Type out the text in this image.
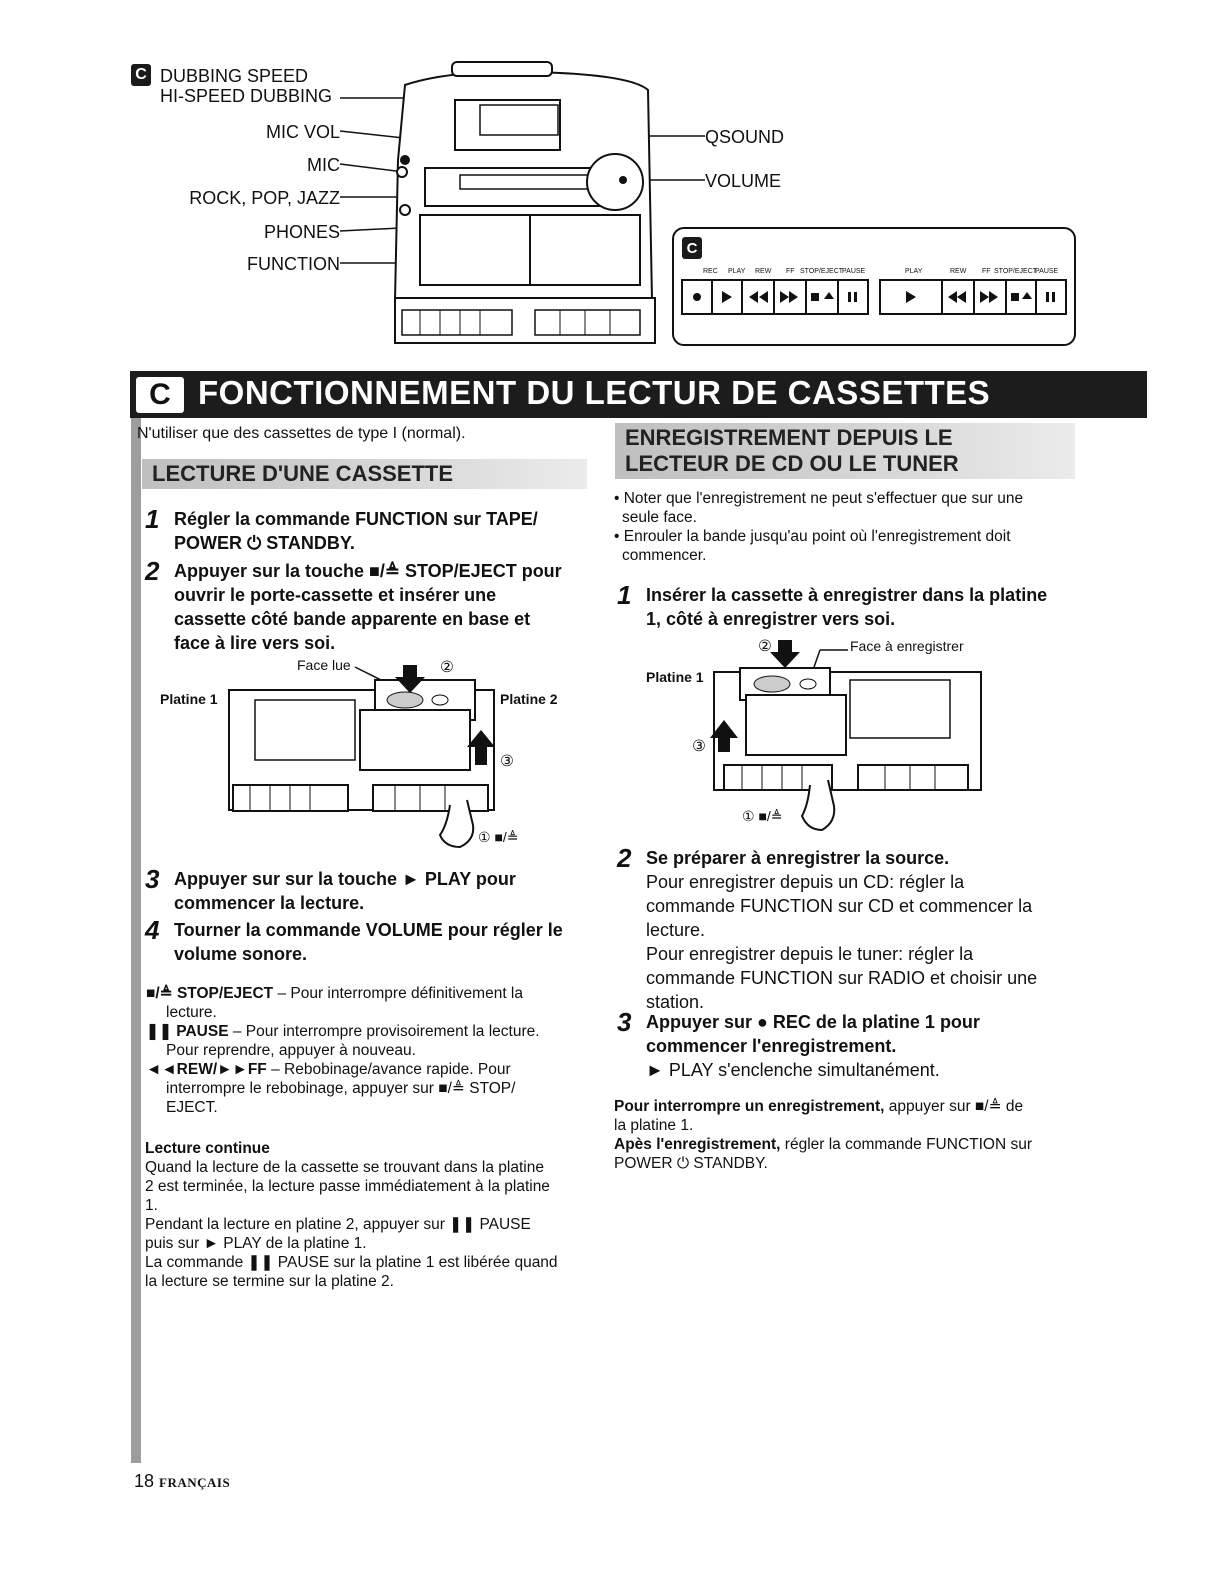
C DUBBING SPEED
HI-SPEED DUBBING
MIC VOL
MIC
ROCK, POP, JAZZ
PHONES
FUNCTION
QSOUND
VOLUME
C
REC PLAY REW FF STOP/EJECT
PAUSE	PLAY	REW FF STOP/EJECT
PAUSE
C FONCTIONNEMENT DU LECTUR DE CASSETTES
N'utiliser que des cassettes de type I (normal).
LECTURE D'UNE CASSETTE
1 Régler la commande FUNCTION sur TAPE/
POWER ⏻ STANDBY.
2 Appuyer sur la touche ■/≜ STOP/EJECT pour
ouvrir le porte-cassette et insérer une
cassette côté bande apparente en base et
face à lire vers soi.
Face lue
Platine 1	Platine 2
②
③
① ■/≜
3 Appuyer sur sur la touche ► PLAY pour
commencer la lecture.
4 Tourner la commande VOLUME pour régler le
volume sonore.
■/≜ STOP/EJECT – Pour interrompre définitivement la
lecture.
❚❚ PAUSE – Pour interrompre provisoirement la lecture.
Pour reprendre, appuyer à nouveau.
◄◄REW/►►FF – Rebobinage/avance rapide. Pour
interrompre le rebobinage, appuyer sur ■/≜ STOP/
EJECT.
Lecture continue
Quand la lecture de la cassette se trouvant dans la platine
2 est terminée, la lecture passe immédiatement à la platine
1.
Pendant la lecture en platine 2, appuyer sur ❚❚ PAUSE
puis sur ► PLAY de la platine 1.
La commande ❚❚ PAUSE sur la platine 1 est libérée quand
la lecture se termine sur la platine 2.
ENREGISTREMENT DEPUIS LE
LECTEUR DE CD OU LE TUNER
• Noter que l'enregistrement ne peut s'effectuer que sur une
seule face.
• Enrouler la bande jusqu'au point où l'enregistrement doit
commencer.
1 Insérer la cassette à enregistrer dans la platine
1, côté à enregistrer vers soi.
Face à enregistrer
Platine 1
②
③
① ■/≜
2 Se préparer à enregistrer la source.
Pour enregistrer depuis un CD: régler la
commande FUNCTION sur CD et commencer la
lecture.
Pour enregistrer depuis le tuner: régler la
commande FUNCTION sur RADIO et choisir une
station.
3 Appuyer sur ● REC de la platine 1 pour
commencer l'enregistrement.
► PLAY s'enclenche simultanément.
Pour interrompre un enregistrement, appuyer sur ■/≜ de
la platine 1.
Apès l'enregistrement, régler la commande FUNCTION sur
POWER ⏻ STANDBY.
18 FRANÇAIS
